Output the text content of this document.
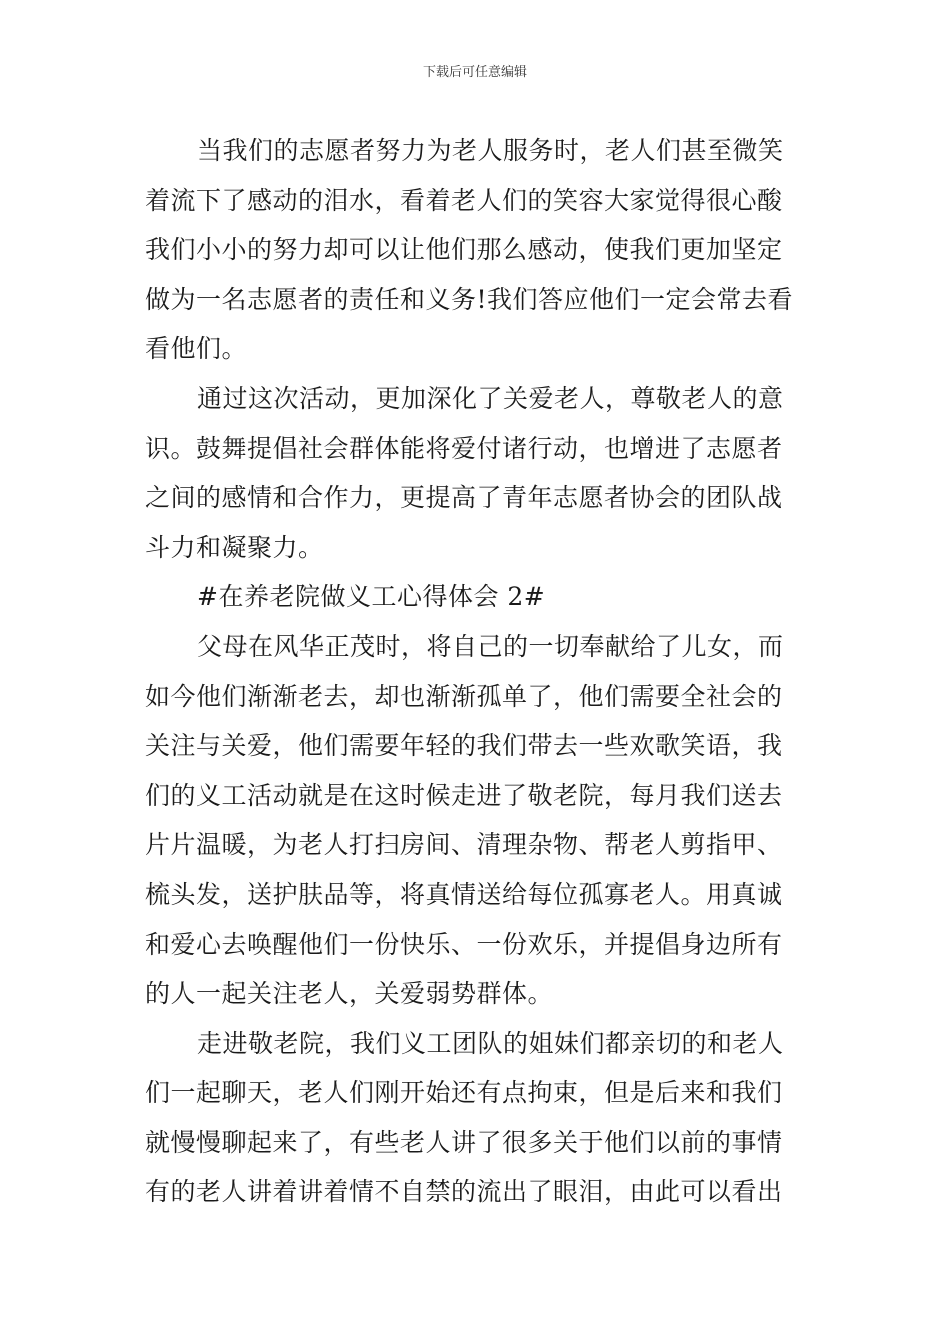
下载后可任意编辑
当我们的志愿者努力为老人服务时，老人们甚至微笑
着流下了感动的泪水，看着老人们的笑容大家觉得很心酸
我们小小的努力却可以让他们那么感动，使我们更加坚定
做为一名志愿者的责任和义务!我们答应他们一定会常去看
看他们。
通过这次活动，更加深化了关爱老人，尊敬老人的意
识。鼓舞提倡社会群体能将爱付诸行动，也增进了志愿者
之间的感情和合作力，更提高了青年志愿者协会的团队战
斗力和凝聚力。
#在养老院做义工心得体会 2#
父母在风华正茂时，将自己的一切奉献给了儿女，而
如今他们渐渐老去，却也渐渐孤单了，他们需要全社会的
关注与关爱，他们需要年轻的我们带去一些欢歌笑语，我
们的义工活动就是在这时候走进了敬老院，每月我们送去
片片温暖，为老人打扫房间、清理杂物、帮老人剪指甲、
梳头发，送护肤品等，将真情送给每位孤寡老人。用真诚
和爱心去唤醒他们一份快乐、一份欢乐，并提倡身边所有
的人一起关注老人，关爱弱势群体。
走进敬老院，我们义工团队的姐妹们都亲切的和老人
们一起聊天，老人们刚开始还有点拘束，但是后来和我们
就慢慢聊起来了，有些老人讲了很多关于他们以前的事情
有的老人讲着讲着情不自禁的流出了眼泪，由此可以看出
